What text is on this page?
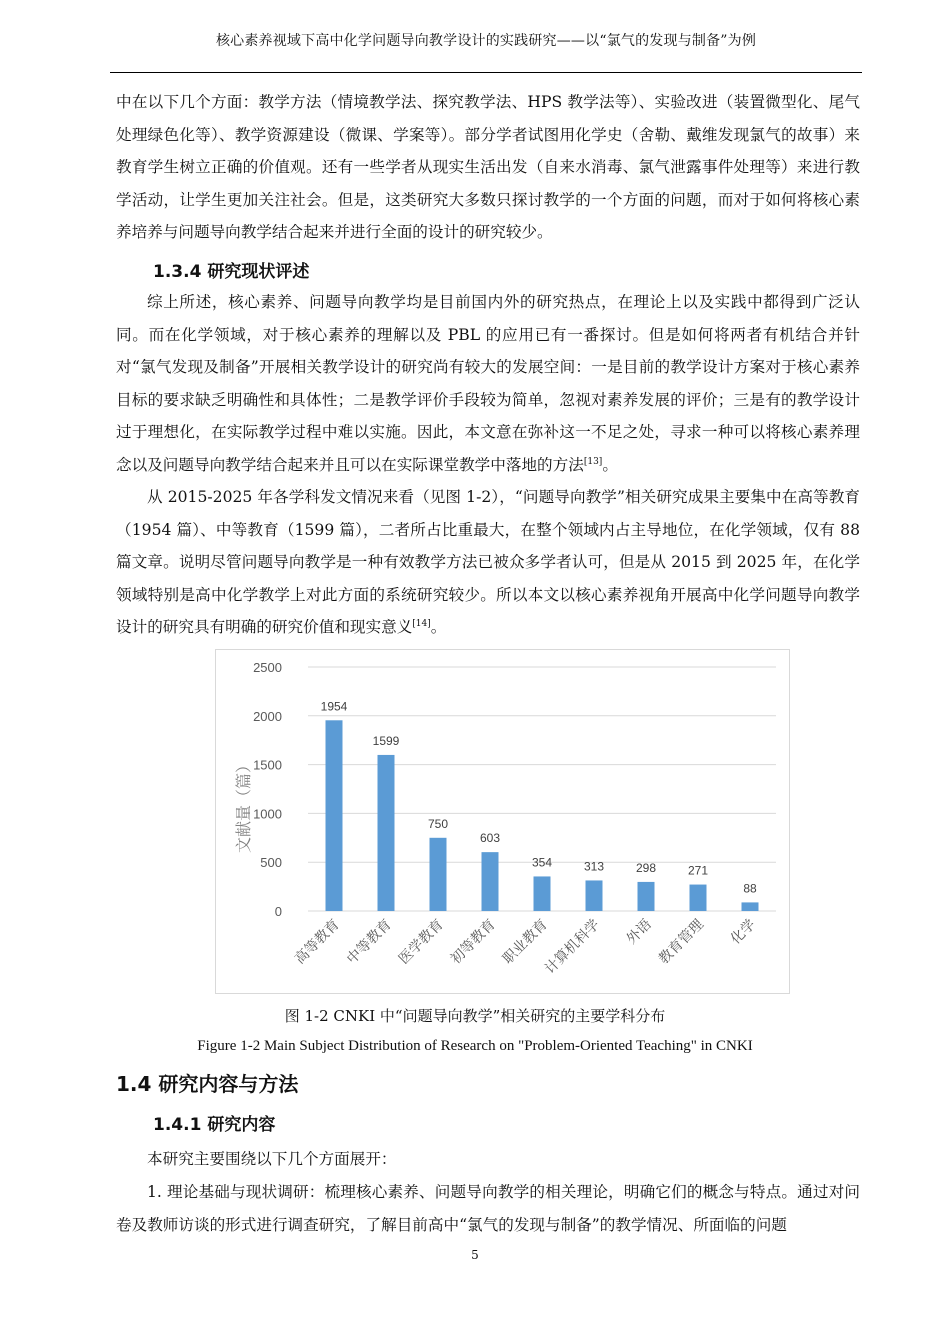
核心素养视域下高中化学问题导向教学设计的实践研究——以“氯气的发现与制备”为例

中在以下几个方面：教学方法（情境教学法、探究教学法、HPS 教学法等）、实验改进（装置微型化、尾气处理绿色化等）、教学资源建设（微课、学案等）。部分学者试图用化学史（舍勒、戴维发现氯气的故事）来教育学生树立正确的价值观。还有一些学者从现实生活出发（自来水消毒、氯气泄露事件处理等）来进行教学活动，让学生更加关注社会。但是，这类研究大多数只探讨教学的一个方面的问题，而对于如何将核心素养培养与问题导向教学结合起来并进行全面的设计的研究较少。

1.3.4 研究现状评述

综上所述，核心素养、问题导向教学均是目前国内外的研究热点，在理论上以及实践中都得到广泛认同。而在化学领域，对于核心素养的理解以及 PBL 的应用已有一番探讨。但是如何将两者有机结合并针对“氯气发现及制备”开展相关教学设计的研究尚有较大的发展空间：一是目前的教学设计方案对于核心素养目标的要求缺乏明确性和具体性；二是教学评价手段较为简单，忽视对素养发展的评价；三是有的教学设计过于理想化，在实际教学过程中难以实施。因此，本文意在弥补这一不足之处，寻求一种可以将核心素养理念以及问题导向教学结合起来并且可以在实际课堂教学中落地的方法[13]。

从 2015-2025 年各学科发文情况来看（见图 1-2），“问题导向教学”相关研究成果主要集中在高等教育（1954 篇）、中等教育（1599 篇），二者所占比重最大，在整个领域内占主导地位，在化学领域，仅有 88 篇文章。说明尽管问题导向教学是一种有效教学方法已被众多学者认可，但是从 2015 到 2025 年，在化学领域特别是高中化学教学上对此方面的系统研究较少。所以本文以核心素养视角开展高中化学问题导向教学设计的研究具有明确的研究价值和现实意义[14]。

0
500
1000
1500
2000
2500
文献量（篇）
1954
高等教育
1599
中等教育
750
医学教育
603
初等教育
354
职业教育
313
计算机科学
298
外语
271
教育管理
88
化学
图 1-2 CNKI 中“问题导向教学”相关研究的主要学科分布
Figure 1-2 Main Subject Distribution of Research on "Problem-Oriented Teaching" in CNKI
1.4 研究内容与方法
1.4.1 研究内容

本研究主要围绕以下几个方面展开：

1. 理论基础与现状调研：梳理核心素养、问题导向教学的相关理论，明确它们的概念与特点。通过对问卷及教师访谈的形式进行调查研究，了解目前高中“氯气的发现与制备”的教学情况、所面临的问题

5
